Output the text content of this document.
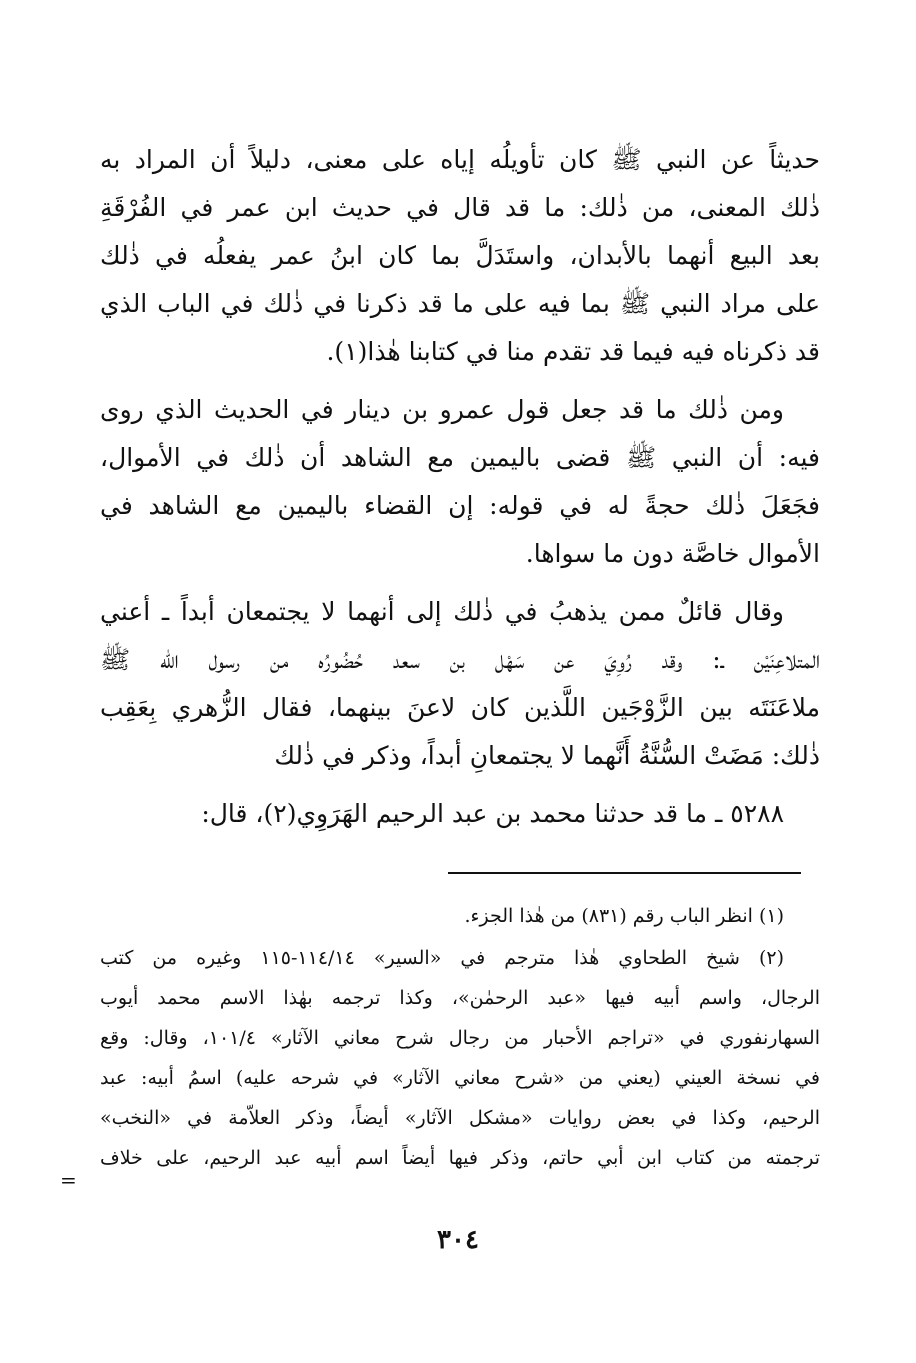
حديثاً عن النبي ﷺ كان تأويلُه إياه على معنى، دليلاً أن المراد به
ذٰلك المعنى، من ذٰلك: ما قد قال في حديث ابن عمر في الفُرْقَةِ
بعد البيع أنهما بالأبدان، واستَدَلَّ بما كان ابنُ عمر يفعلُه في ذٰلك
على مراد النبي ﷺ بما فيه على ما قد ذكرنا في ذٰلك في الباب الذي
قد ذكرناه فيه فيما قد تقدم منا في كتابنا هٰذا(١).
ومن ذٰلك ما قد جعل قول عمرو بن دينار في الحديث الذي روى
فيه: أن النبي ﷺ قضى باليمين مع الشاهد أن ذٰلك في الأموال،
فجَعَلَ ذٰلك حجةً له في قوله: إن القضاء باليمين مع الشاهد في
الأموال خاصَّة دون ما سواها.
وقال قائلٌ ممن يذهبُ في ذٰلك إلى أنهما لا يجتمعان أبداً ـ أعني
المتلاعِنَيْن ـ: وقد رُوِيَ عن سَهْل بن سعد حُضُورُه من رسول الله ﷺ
ملاعَنَتَه بين الزَّوْجَين اللَّذين كان لاعنَ بينهما، فقال الزُّهري بِعَقِب
ذٰلك: مَضَتْ السُّنَّةُ أَنَّهما لا يجتمعانِ أبداً، وذكر في ذٰلك
٥٢٨٨ ـ ما قد حدثنا محمد بن عبد الرحيم الهَرَوِي(٢)، قال:
(١) انظر الباب رقم (٨٣١) من هٰذا الجزء.
(٢) شيخ الطحاوي هٰذا مترجم في «السير» ١١٤/١٤-١١٥ وغيره من كتب
الرجال، واسم أبيه فيها «عبد الرحمٰن»، وكذا ترجمه بهٰذا الاسم محمد أيوب
السهارنفوري في «تراجم الأحبار من رجال شرح معاني الآثار» ١٠١/٤، وقال: وقع
في نسخة العيني (يعني من «شرح معاني الآثار» في شرحه عليه) اسمُ أبيه: عبد
الرحيم، وكذا في بعض روايات «مشكل الآثار» أيضاً، وذكر العلاّمة في «النخب»
ترجمته من كتاب ابن أبي حاتم، وذكر فيها أيضاً اسم أبيه عبد الرحيم، على خلاف
=
٣٠٤
